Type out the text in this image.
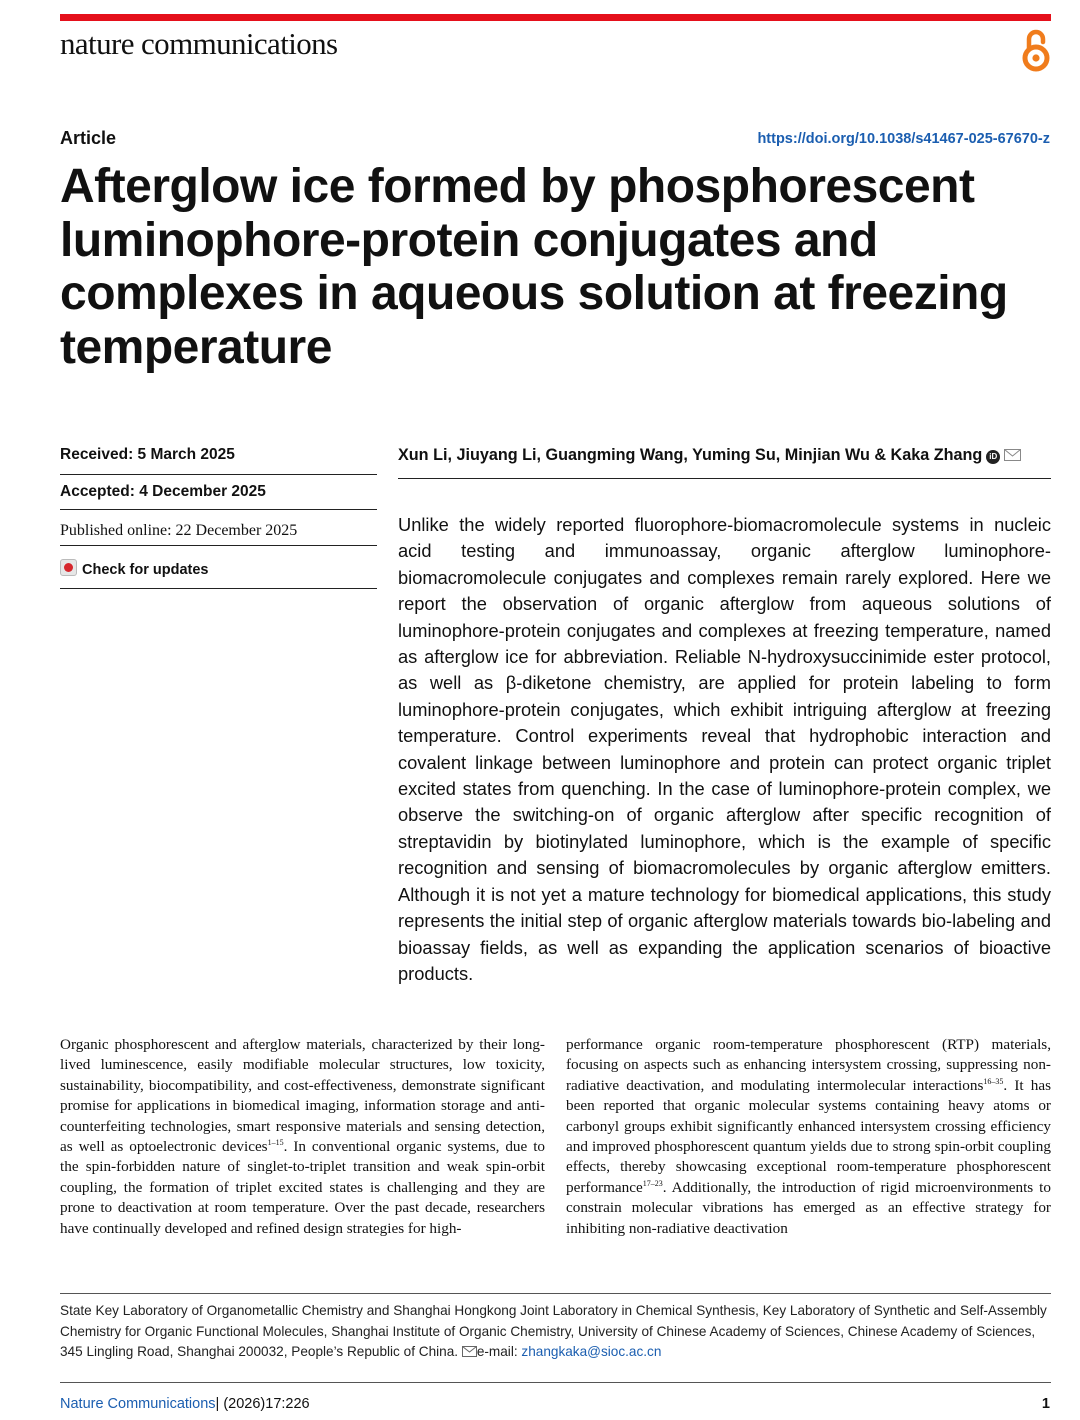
nature communications
Article	https://doi.org/10.1038/s41467-025-67670-z
Afterglow ice formed by phosphorescent luminophore-protein conjugates and complexes in aqueous solution at freezing temperature
Received: 5 March 2025
Accepted: 4 December 2025
Published online: 22 December 2025
Check for updates
Xun Li, Jiuyang Li, Guangming Wang, Yuming Su, Minjian Wu & Kaka Zhang iD
Unlike the widely reported fluorophore-biomacromolecule systems in nucleic acid testing and immunoassay, organic afterglow luminophore-biomacromolecule conjugates and complexes remain rarely explored. Here we report the observation of organic afterglow from aqueous solutions of luminophore-protein conjugates and complexes at freezing temperature, named as afterglow ice for abbreviation. Reliable N-hydroxysuccinimide ester protocol, as well as β-diketone chemistry, are applied for protein labeling to form luminophore-protein conjugates, which exhibit intriguing afterglow at freezing temperature. Control experiments reveal that hydrophobic interaction and covalent linkage between luminophore and protein can protect organic triplet excited states from quenching. In the case of luminophore-protein complex, we observe the switching-on of organic afterglow after specific recognition of streptavidin by biotinylated luminophore, which is the example of specific recognition and sensing of biomacromolecules by organic afterglow emitters. Although it is not yet a mature technology for biomedical applications, this study represents the initial step of organic afterglow materials towards bio-labeling and bioassay fields, as well as expanding the application scenarios of bioactive products.
Organic phosphorescent and afterglow materials, characterized by their long-lived luminescence, easily modifiable molecular structures, low toxicity, sustainability, biocompatibility, and cost-effectiveness, demonstrate significant promise for applications in biomedical imaging, information storage and anti-counterfeiting technologies, smart responsive materials and sensing detection, as well as optoelectronic devices$^{1-15}$. In conventional organic systems, due to the spin-forbidden nature of singlet-to-triplet transition and weak spin-orbit coupling, the formation of triplet excited states is challenging and they are prone to deactivation at room temperature. Over the past decade, researchers have continually developed and refined design strategies for high-
performance organic room-temperature phosphorescent (RTP) materials, focusing on aspects such as enhancing intersystem crossing, suppressing non-radiative deactivation, and modulating intermolecular interactions$^{16-35}$. It has been reported that organic molecular systems containing heavy atoms or carbonyl groups exhibit significantly enhanced intersystem crossing efficiency and improved phosphorescent quantum yields due to strong spin-orbit coupling effects, thereby showcasing exceptional room-temperature phosphorescent performance$^{17-23}$. Additionally, the introduction of rigid microenvironments to constrain molecular vibrations has emerged as an effective strategy for inhibiting non-radiative deactivation
State Key Laboratory of Organometallic Chemistry and Shanghai Hongkong Joint Laboratory in Chemical Synthesis, Key Laboratory of Synthetic and Self-Assembly Chemistry for Organic Functional Molecules, Shanghai Institute of Organic Chemistry, University of Chinese Academy of Sciences, Chinese Academy of Sciences, 345 Lingling Road, Shanghai 200032, People’s Republic of China. e-mail: zhangkaka@sioc.ac.cn
Nature Communications| (2026)17:226	1
